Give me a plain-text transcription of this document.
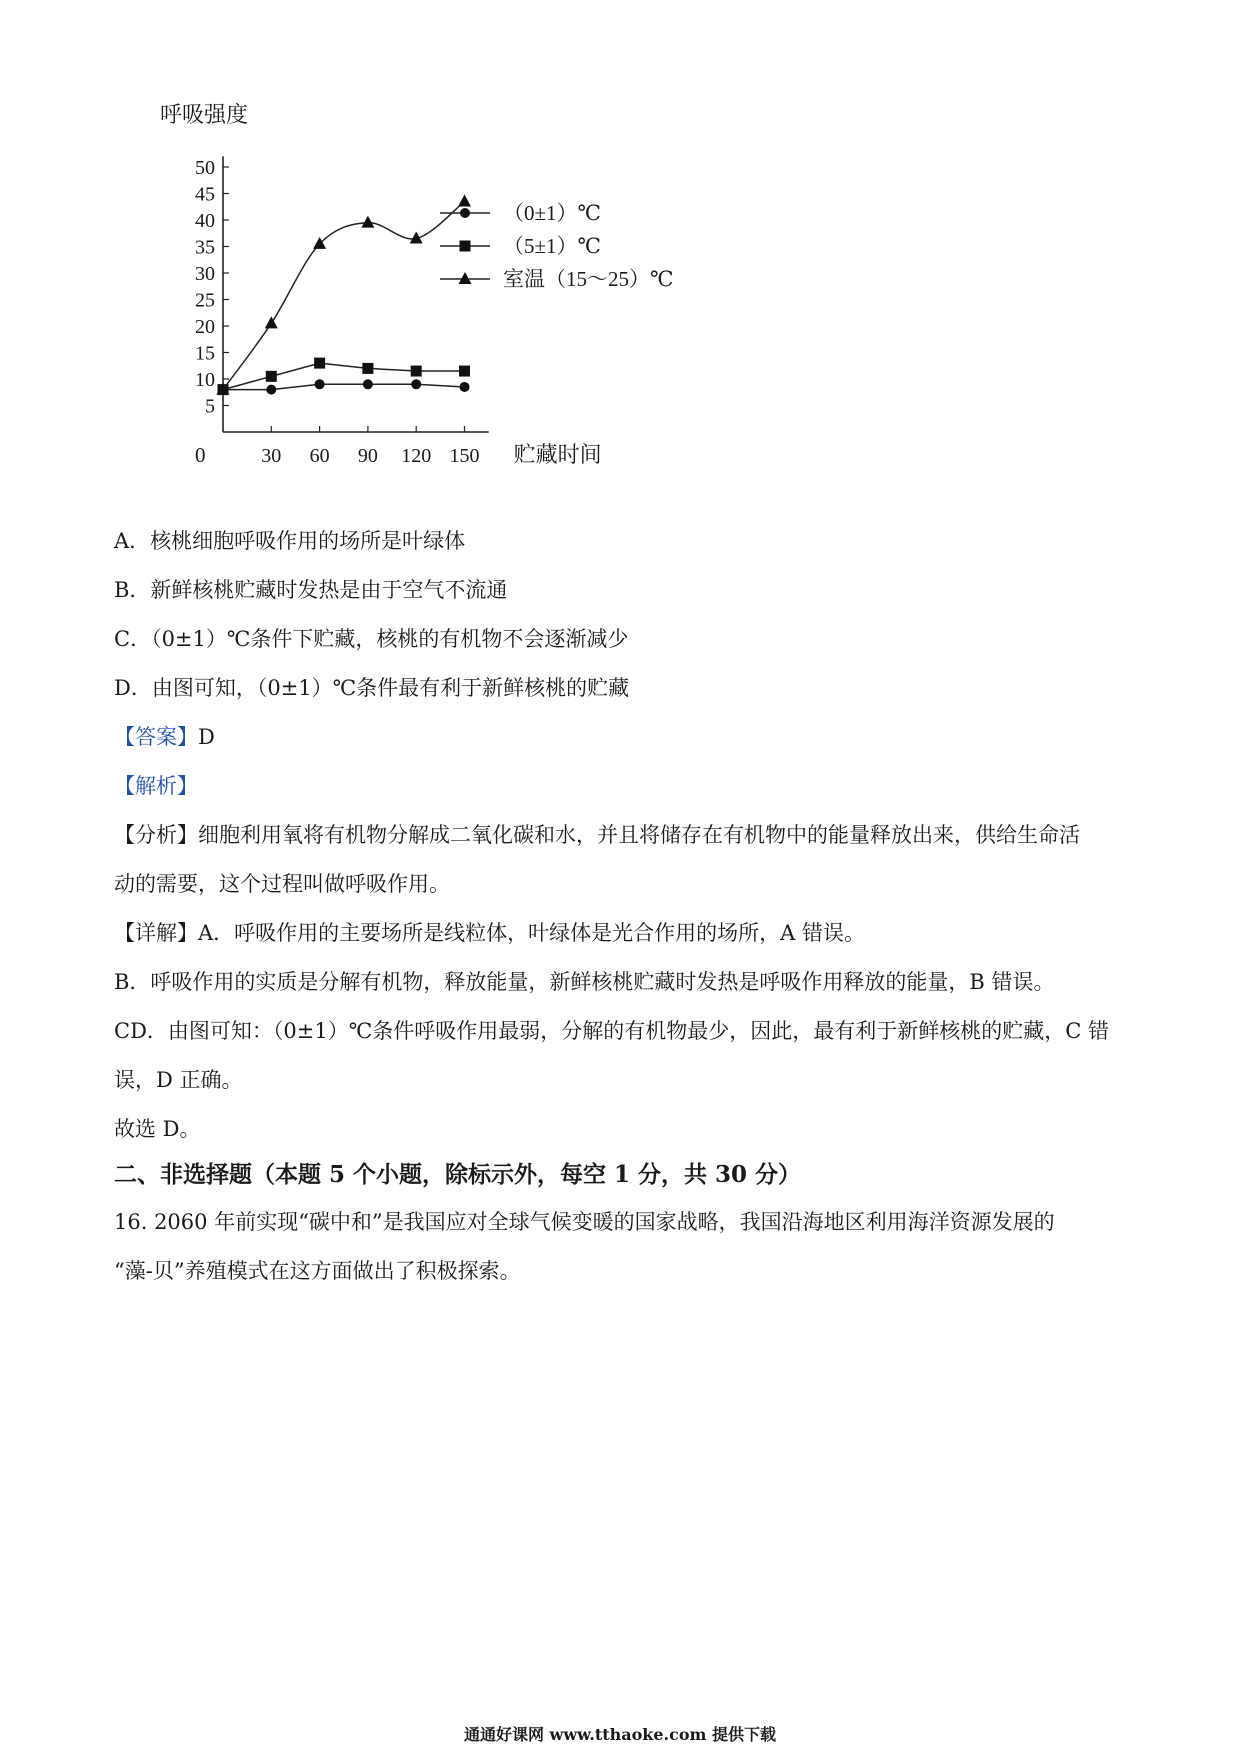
呼吸强度
贮藏时间
0
5
10
15
20
25
30
35
40
45
50
30 60 90 120 150
（0±1）℃
（5±1）℃
室温（15～25）℃
A．核桃细胞呼吸作用的场所是叶绿体
B．新鲜核桃贮藏时发热是由于空气不流通
C．（0±1）℃条件下贮藏，核桃的有机物不会逐渐减少
D．由图可知，（0±1）℃条件最有利于新鲜核桃的贮藏
【答案】D
【解析】
【分析】细胞利用氧将有机物分解成二氧化碳和水，并且将储存在有机物中的能量释放出来，供给生命活
动的需要，这个过程叫做呼吸作用。
【详解】A．呼吸作用的主要场所是线粒体，叶绿体是光合作用的场所，A 错误。
B．呼吸作用的实质是分解有机物，释放能量，新鲜核桃贮藏时发热是呼吸作用释放的能量，B 错误。
CD．由图可知：（0±1）℃条件呼吸作用最弱，分解的有机物最少，因此，最有利于新鲜核桃的贮藏，C 错
误，D 正确。
故选 D。
二、非选择题（本题 5 个小题，除标示外，每空 1 分，共 30 分）
16. 2060 年前实现“碳中和”是我国应对全球气候变暖的国家战略，我国沿海地区利用海洋资源发展的
“藻-贝”养殖模式在这方面做出了积极探索。
通通好课网 www.tthaoke.com 提供下载
